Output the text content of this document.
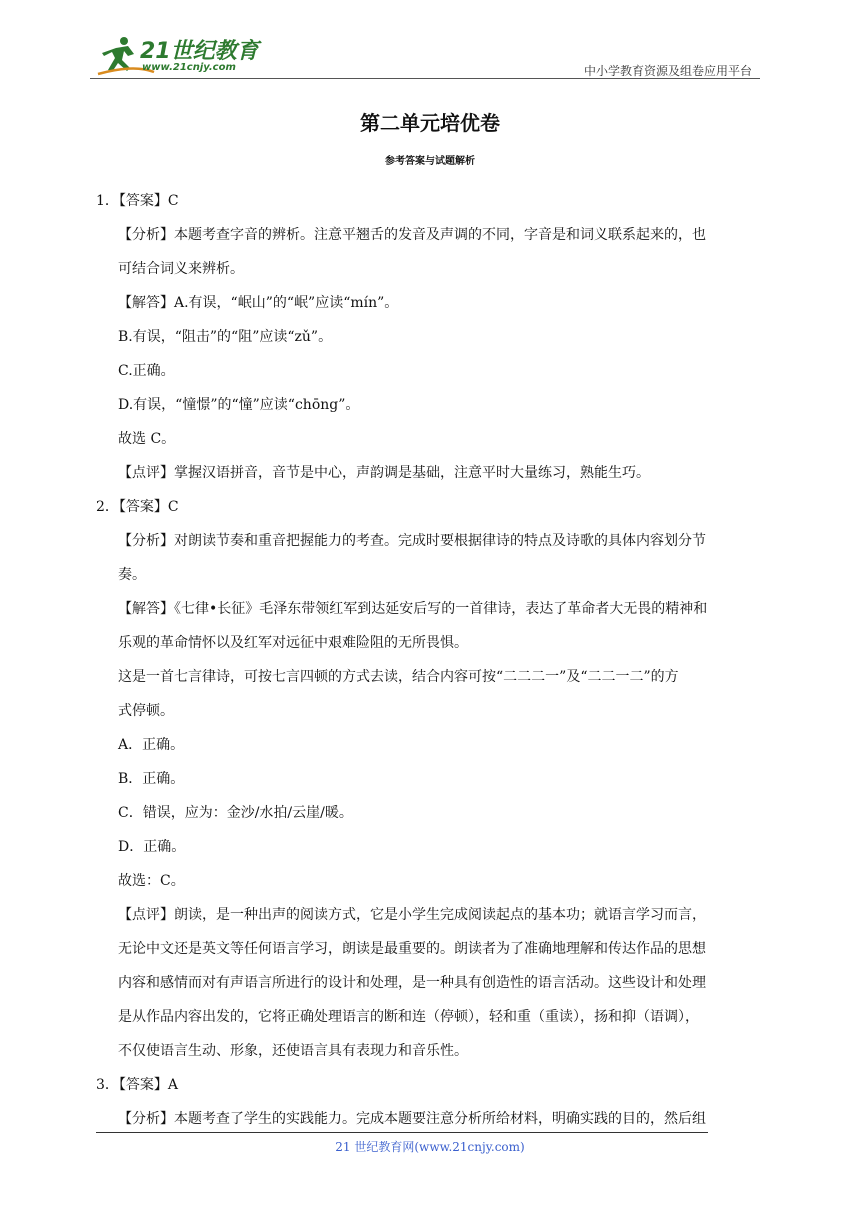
21世纪教育
www.21cnjy.com	中小学教育资源及组卷应用平台
第二单元培优卷
参考答案与试题解析
1．【答案】C
【分析】本题考查字音的辨析。注意平翘舌的发音及声调的不同，字音是和词义联系起来的，也
可结合词义来辨析。
【解答】A.有误，“岷山”的“岷”应读“mín”。
B.有误，“阻击”的“阻”应读“zǔ”。
C.正确。
D.有误，“憧憬”的“憧”应读“chōng”。
故选 C。
【点评】掌握汉语拼音，音节是中心，声韵调是基础，注意平时大量练习，熟能生巧。
2．【答案】C
【分析】对朗读节奏和重音把握能力的考查。完成时要根据律诗的特点及诗歌的具体内容划分节
奏。
【解答】《七律•长征》毛泽东带领红军到达延安后写的一首律诗，表达了革命者大无畏的精神和
乐观的革命情怀以及红军对远征中艰难险阻的无所畏惧。
这是一首七言律诗，可按七言四顿的方式去读，结合内容可按“二二二一”及“二二一二”的方
式停顿。
A．正确。
B．正确。
C．错误，应为：金沙/水拍/云崖/暖。
D．正确。
故选：C。
【点评】朗读，是一种出声的阅读方式，它是小学生完成阅读起点的基本功；就语言学习而言，
无论中文还是英文等任何语言学习，朗读是最重要的。朗读者为了准确地理解和传达作品的思想
内容和感情而对有声语言所进行的设计和处理，是一种具有创造性的语言活动。这些设计和处理
是从作品内容出发的，它将正确处理语言的断和连（停顿），轻和重（重读），扬和抑（语调），
不仅使语言生动、形象，还使语言具有表现力和音乐性。
3．【答案】A
【分析】本题考查了学生的实践能力。完成本题要注意分析所给材料，明确实践的目的，然后组
21 世纪教育网(www.21cnjy.com)
